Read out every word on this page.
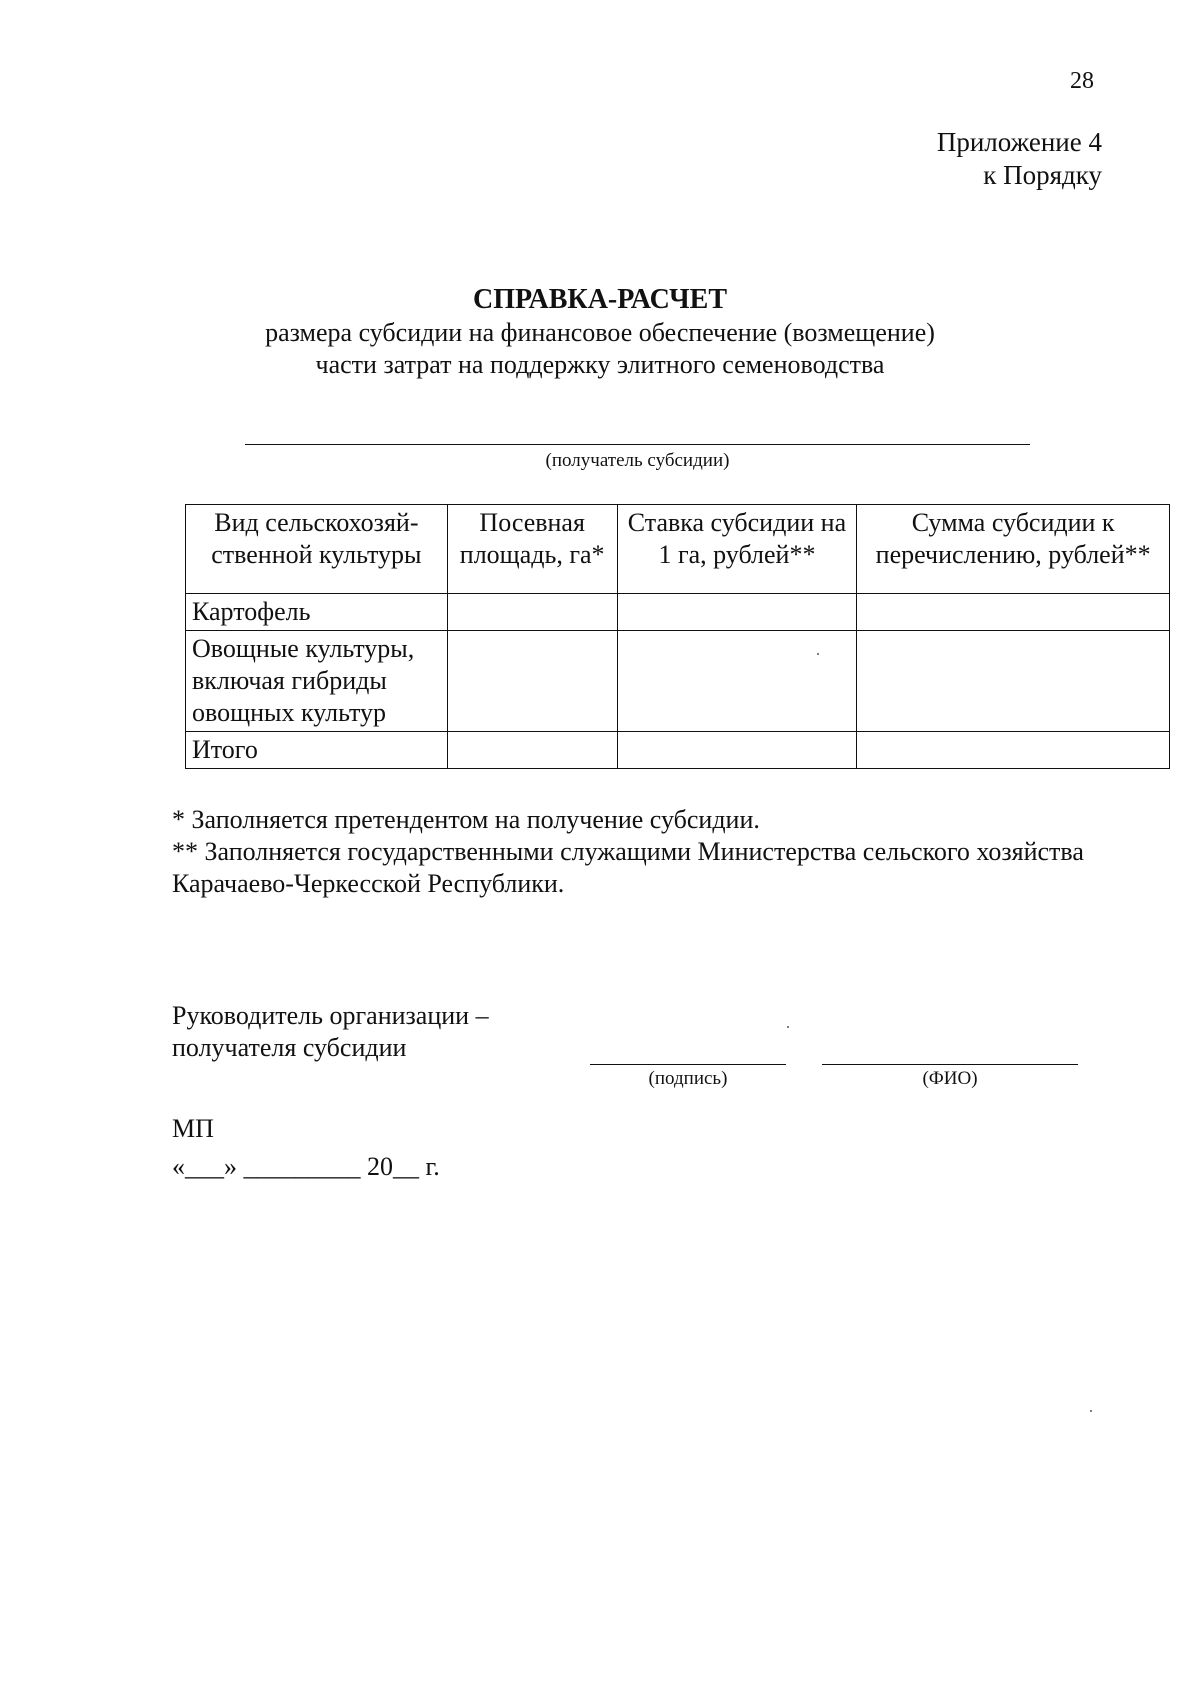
28
Приложение 4
к Порядку
СПРАВКА-РАСЧЕТ
размера субсидии на финансовое обеспечение (возмещение)
части затрат на поддержку элитного семеноводства
(получатель субсидии)
Вид сельскохозяй-ственной культуры	Посевная площадь, га*	Ставка субсидии на 1 га, рублей**	Сумма субсидии к перечислению, рублей**
Картофель			
Овощные культуры, включая гибриды овощных культур			
Итого			

* Заполняется претендентом на получение субсидии.

** Заполняется государственными служащими Министерства сельского хозяйства Карачаево-Черкесской Республики.

Руководитель организации –
получателя субсидии
(подпись)	(ФИО)
МП
«___» _________ 20__ г.
